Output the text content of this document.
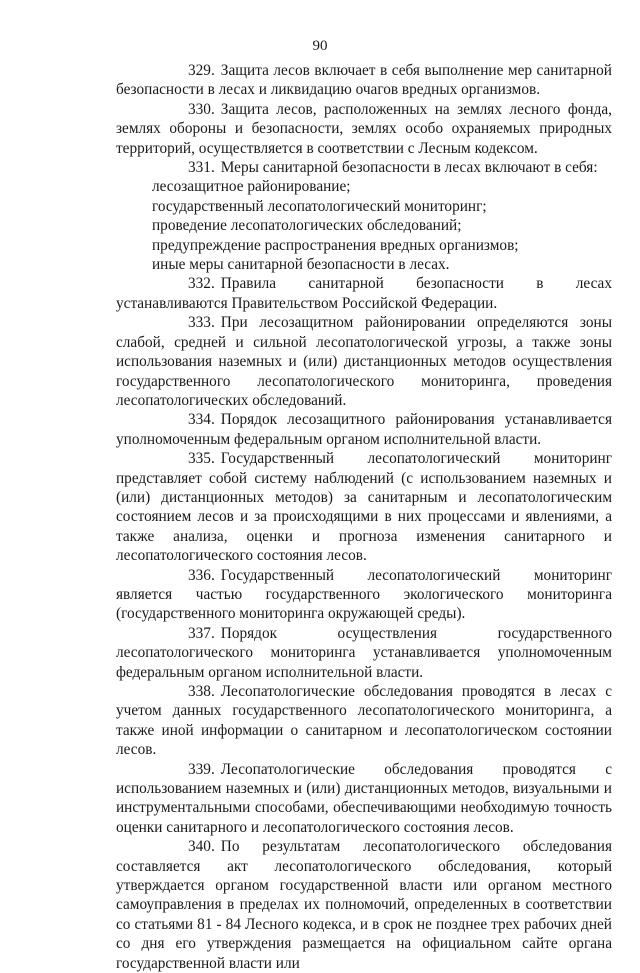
90

329. Защита лесов включает в себя выполнение мер санитарной безопасности в лесах и ликвидацию очагов вредных организмов.

330. Защита лесов, расположенных на землях лесного фонда, землях обороны и безопасности, землях особо охраняемых природных территорий, осуществляется в соответствии с Лесным кодексом.

331. Меры санитарной безопасности в лесах включают в себя:

лесозащитное районирование;

государственный лесопатологический мониторинг;

проведение лесопатологических обследований;

предупреждение распространения вредных организмов;

иные меры санитарной безопасности в лесах.

332. Правила санитарной безопасности в лесах устанавливаются Правительством Российской Федерации.

333. При лесозащитном районировании определяются зоны слабой, средней и сильной лесопатологической угрозы, а также зоны использования наземных и (или) дистанционных методов осуществления государственного лесопатологического мониторинга, проведения лесопатологических обследований.

334. Порядок лесозащитного районирования устанавливается уполномоченным федеральным органом исполнительной власти.

335. Государственный лесопатологический мониторинг представляет собой систему наблюдений (с использованием наземных и (или) дистанционных методов) за санитарным и лесопатологическим состоянием лесов и за происходящими в них процессами и явлениями, а также анализа, оценки и прогноза изменения санитарного и лесопатологического состояния лесов.

336. Государственный лесопатологический мониторинг является частью государственного экологического мониторинга (государственного мониторинга окружающей среды).

337. Порядок осуществления государственного лесопатологического мониторинга устанавливается уполномоченным федеральным органом исполнительной власти.

338. Лесопатологические обследования проводятся в лесах с учетом данных государственного лесопатологического мониторинга, а также иной информации о санитарном и лесопатологическом состоянии лесов.

339. Лесопатологические обследования проводятся с использованием наземных и (или) дистанционных методов, визуальными и инструментальными способами, обеспечивающими необходимую точность оценки санитарного и лесопатологического состояния лесов.

340. По результатам лесопатологического обследования составляется акт лесопатологического обследования, который утверждается органом государственной власти или органом местного самоуправления в пределах их полномочий, определенных в соответствии со статьями 81 - 84 Лесного кодекса, и в срок не позднее трех рабочих дней со дня его утверждения размещается на официальном сайте органа государственной власти или
